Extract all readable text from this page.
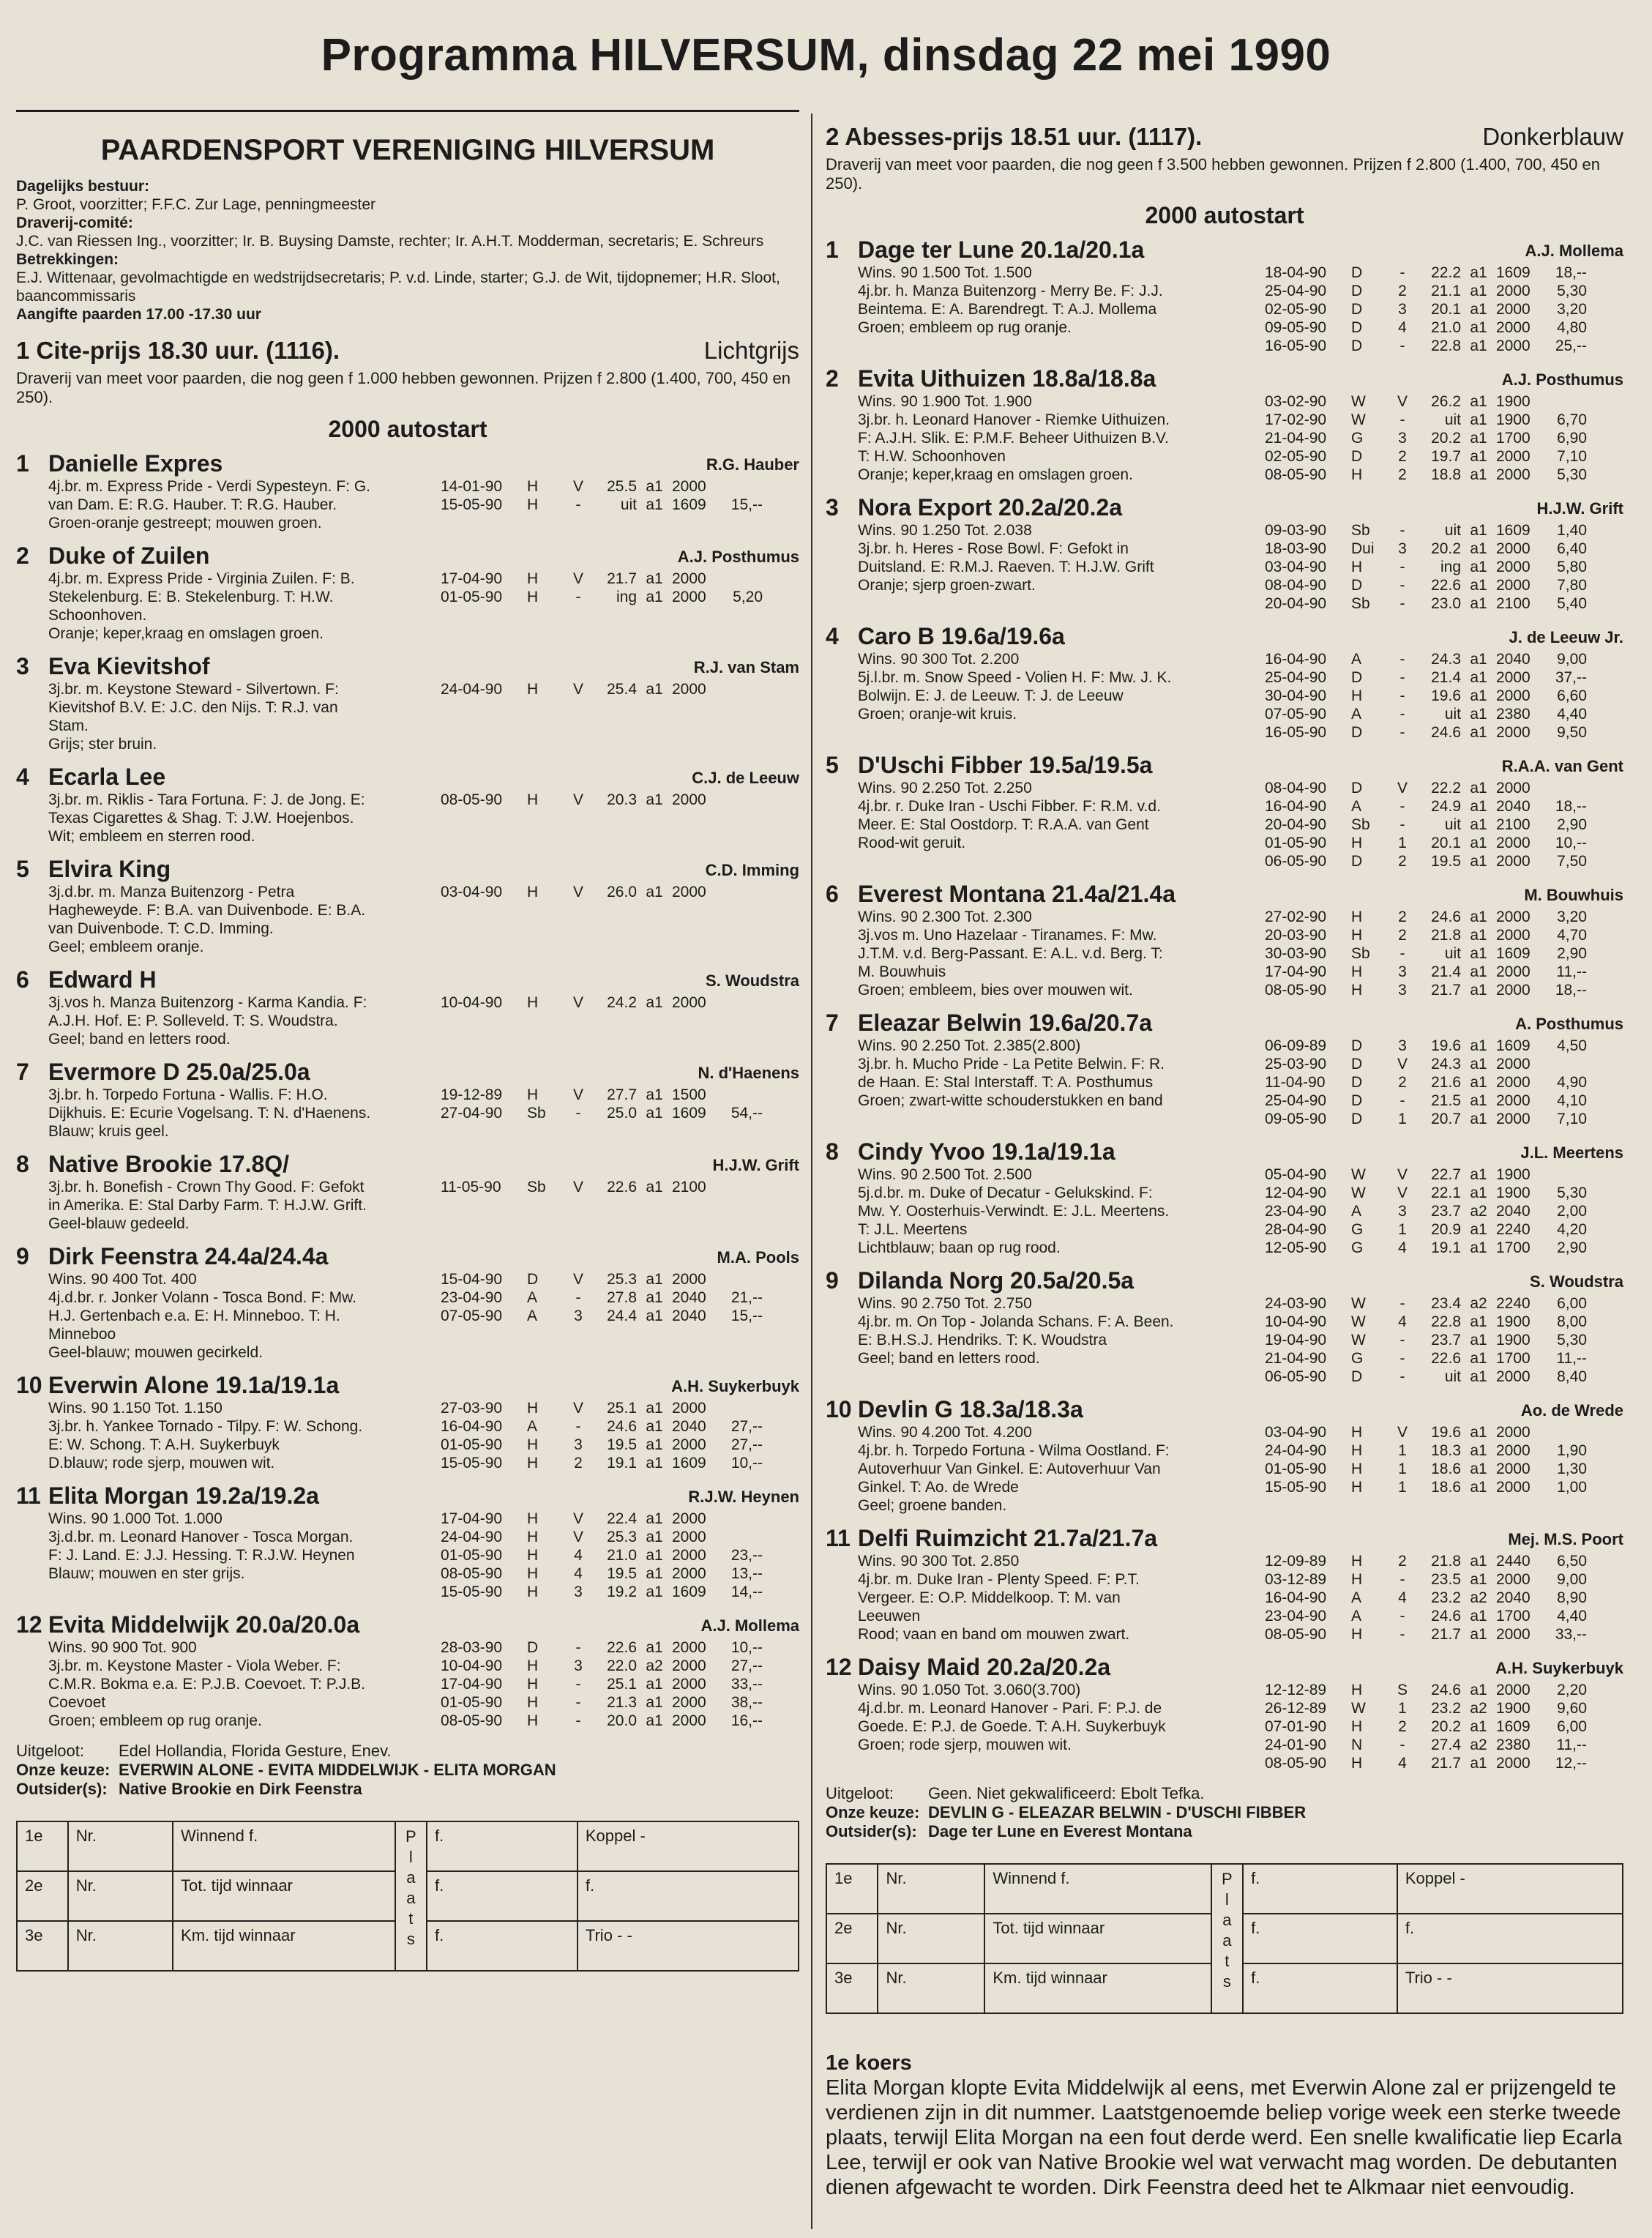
Programma HILVERSUM, dinsdag 22 mei 1990
PAARDENSPORT VERENIGING HILVERSUM
Dagelijks bestuur:
P. Groot, voorzitter; F.F.C. Zur Lage, penningmeester
Draverij-comité:
J.C. van Riessen Ing., voorzitter; Ir. B. Buysing Damste, rechter; Ir. A.H.T. Modderman, secretaris; E. Schreurs
Betrekkingen:
E.J. Wittenaar, gevolmachtigde en wedstrijdsecretaris; P. v.d. Linde, starter; G.J. de Wit, tijdopnemer; H.R. Sloot, baancommissaris
Aangifte paarden 17.00 -17.30 uur
1 Cite-prijs 18.30 uur. (1116).	Lichtgrijs
Draverij van meet voor paarden, die nog geen f 1.000 hebben gewonnen. Prijzen f 2.800 (1.400, 700, 450 en 250).
2000 autostart
1 Danielle Expres	R.G. Hauber
4j.br. m. Express Pride - Verdi Sypesteyn. F: G.
van Dam. E: R.G. Hauber. T: R.G. Hauber.
Groen-oranje gestreept; mouwen groen.
14-01-90	H	V	25.5 a1 2000
15-05-90	H	-	uit a1 1609	15,--
2 Duke of Zuilen	A.J. Posthumus
4j.br. m. Express Pride - Virginia Zuilen. F: B.
Stekelenburg. E: B. Stekelenburg. T: H.W.
Schoonhoven.
Oranje; keper,kraag en omslagen groen.
17-04-90	H	V	21.7 a1 2000
01-05-90	H	-	ing a1 2000	5,20
3 Eva Kievitshof	R.J. van Stam
3j.br. m. Keystone Steward - Silvertown. F:
Kievitshof B.V. E: J.C. den Nijs. T: R.J. van
Stam.
Grijs; ster bruin.
24-04-90	H	V	25.4 a1 2000
4 Ecarla Lee	C.J. de Leeuw
3j.br. m. Riklis - Tara Fortuna. F: J. de Jong. E:
Texas Cigarettes & Shag. T: J.W. Hoejenbos.
Wit; embleem en sterren rood.
08-05-90	H	V	20.3 a1 2000
5 Elvira King	C.D. Imming
3j.d.br. m. Manza Buitenzorg - Petra
Hagheweyde. F: B.A. van Duivenbode. E: B.A.
van Duivenbode. T: C.D. Imming.
Geel; embleem oranje.
03-04-90	H	V	26.0 a1 2000
6 Edward H	S. Woudstra
3j.vos h. Manza Buitenzorg - Karma Kandia. F:
A.J.H. Hof. E: P. Solleveld. T: S. Woudstra.
Geel; band en letters rood.
10-04-90	H	V	24.2 a1 2000
7 Evermore D 25.0a/25.0a	N. d'Haenens
3j.br. h. Torpedo Fortuna - Wallis. F: H.O.
Dijkhuis. E: Ecurie Vogelsang. T: N. d'Haenens.
Blauw; kruis geel.
19-12-89	H	V	27.7 a1 1500
27-04-90	Sb	-	25.0 a1 1609	54,--
8 Native Brookie 17.8Q/	H.J.W. Grift
3j.br. h. Bonefish - Crown Thy Good. F: Gefokt
in Amerika. E: Stal Darby Farm. T: H.J.W. Grift.
Geel-blauw gedeeld.
11-05-90	Sb	V	22.6 a1 2100
9 Dirk Feenstra 24.4a/24.4a	M.A. Pools
Wins. 90 400 Tot. 400
4j.d.br. r. Jonker Volann - Tosca Bond. F: Mw.
H.J. Gertenbach e.a. E: H. Minneboo. T: H.
Minneboo
Geel-blauw; mouwen gecirkeld.
15-04-90	D	V	25.3 a1 2000
23-04-90	A	-	27.8 a1 2040	21,--
07-05-90	A	3	24.4 a1 2040	15,--
10 Everwin Alone 19.1a/19.1a	A.H. Suykerbuyk
Wins. 90 1.150 Tot. 1.150
3j.br. h. Yankee Tornado - Tilpy. F: W. Schong.
E: W. Schong. T: A.H. Suykerbuyk
D.blauw; rode sjerp, mouwen wit.
27-03-90	H	V	25.1 a1 2000
16-04-90	A	-	24.6 a1 2040	27,--
01-05-90	H	3	19.5 a1 2000	27,--
15-05-90	H	2	19.1 a1 1609	10,--
11 Elita Morgan 19.2a/19.2a	R.J.W. Heynen
Wins. 90 1.000 Tot. 1.000
3j.d.br. m. Leonard Hanover - Tosca Morgan.
F: J. Land. E: J.J. Hessing. T: R.J.W. Heynen
Blauw; mouwen en ster grijs.
17-04-90	H	V	22.4 a1 2000
24-04-90	H	V	25.3 a1 2000
01-05-90	H	4	21.0 a1 2000	23,--
08-05-90	H	4	19.5 a1 2000	13,--
15-05-90	H	3	19.2 a1 1609	14,--
12 Evita Middelwijk 20.0a/20.0a	A.J. Mollema
Wins. 90 900 Tot. 900
3j.br. m. Keystone Master - Viola Weber. F:
C.M.R. Bokma e.a. E: P.J.B. Coevoet. T: P.J.B.
Coevoet
Groen; embleem op rug oranje.
28-03-90	D	-	22.6 a1 2000	10,--
10-04-90	H	3	22.0 a2 2000	27,--
17-04-90	H	-	25.1 a1 2000	33,--
01-05-90	H	-	21.3 a1 2000	38,--
08-05-90	H	-	20.0 a1 2000	16,--
Uitgeloot: Edel Hollandia, Florida Gesture, Enev.
Onze keuze: EVERWIN ALONE - EVITA MIDDELWIJK - ELITA MORGAN
Outsider(s): Native Brookie en Dirk Feenstra
1e	Nr.	Winnend f.	P l a a t s	f.	Koppel -
2e	Nr.	Tot. tijd winnaar		f.	f.
3e	Nr.	Km. tijd winnaar		f.	Trio - -
2 Abesses-prijs 18.51 uur. (1117).	Donkerblauw
Draverij van meet voor paarden, die nog geen f 3.500 hebben gewonnen. Prijzen f 2.800 (1.400, 700, 450 en 250).
2000 autostart
1 Dage ter Lune 20.1a/20.1a	A.J. Mollema
Wins. 90 1.500 Tot. 1.500
4j.br. h. Manza Buitenzorg - Merry Be. F: J.J.
Beintema. E: A. Barendregt. T: A.J. Mollema
Groen; embleem op rug oranje.
18-04-90	D	-	22.2 a1 1609	18,--
25-04-90	D	2	21.1 a1 2000	5,30
02-05-90	D	3	20.1 a1 2000	3,20
09-05-90	D	4	21.0 a1 2000	4,80
16-05-90	D	-	22.8 a1 2000	25,--
2 Evita Uithuizen 18.8a/18.8a	A.J. Posthumus
Wins. 90 1.900 Tot. 1.900
3j.br. h. Leonard Hanover - Riemke Uithuizen.
F: A.J.H. Slik. E: P.M.F. Beheer Uithuizen B.V.
T: H.W. Schoonhoven
Oranje; keper,kraag en omslagen groen.
03-02-90	W	V	26.2 a1 1900
17-02-90	W	-	uit a1 1900	6,70
21-04-90	G	3	20.2 a1 1700	6,90
02-05-90	D	2	19.7 a1 2000	7,10
08-05-90	H	2	18.8 a1 2000	5,30
3 Nora Export 20.2a/20.2a	H.J.W. Grift
Wins. 90 1.250 Tot. 2.038
3j.br. h. Heres - Rose Bowl. F: Gefokt in
Duitsland. E: R.M.J. Raeven. T: H.J.W. Grift
Oranje; sjerp groen-zwart.
09-03-90	Sb	-	uit a1 1609	1,40
18-03-90	Dui	3	20.2 a1 2000	6,40
03-04-90	H	-	ing a1 2000	5,80
08-04-90	D	-	22.6 a1 2000	7,80
20-04-90	Sb	-	23.0 a1 2100	5,40
4 Caro B 19.6a/19.6a	J. de Leeuw Jr.
Wins. 90 300 Tot. 2.200
5j.l.br. m. Snow Speed - Volien H. F: Mw. J. K.
Bolwijn. E: J. de Leeuw. T: J. de Leeuw
Groen; oranje-wit kruis.
16-04-90	A	-	24.3 a1 2040	9,00
25-04-90	D	-	21.4 a1 2000	37,--
30-04-90	H	-	19.6 a1 2000	6,60
07-05-90	A	-	uit a1 2380	4,40
16-05-90	D	-	24.6 a1 2000	9,50
5 D'Uschi Fibber 19.5a/19.5a	R.A.A. van Gent
Wins. 90 2.250 Tot. 2.250
4j.br. r. Duke Iran - Uschi Fibber. F: R.M. v.d.
Meer. E: Stal Oostdorp. T: R.A.A. van Gent
Rood-wit geruit.
08-04-90	D	V	22.2 a1 2000
16-04-90	A	-	24.9 a1 2040	18,--
20-04-90	Sb	-	uit a1 2100	2,90
01-05-90	H	1	20.1 a1 2000	10,--
06-05-90	D	2	19.5 a1 2000	7,50
6 Everest Montana 21.4a/21.4a	M. Bouwhuis
Wins. 90 2.300 Tot. 2.300
3j.vos m. Uno Hazelaar - Tiranames. F: Mw.
J.T.M. v.d. Berg-Passant. E: A.L. v.d. Berg. T:
M. Bouwhuis
Groen; embleem, bies over mouwen wit.
27-02-90	H	2	24.6 a1 2000	3,20
20-03-90	H	2	21.8 a1 2000	4,70
30-03-90	Sb	-	uit a1 1609	2,90
17-04-90	H	3	21.4 a1 2000	11,--
08-05-90	H	3	21.7 a1 2000	18,--
7 Eleazar Belwin 19.6a/20.7a	A. Posthumus
Wins. 90 2.250 Tot. 2.385(2.800)
3j.br. h. Mucho Pride - La Petite Belwin. F: R.
de Haan. E: Stal Interstaff. T: A. Posthumus
Groen; zwart-witte schouderstukken en band
06-09-89	D	3	19.6 a1 1609	4,50
25-03-90	D	V	24.3 a1 2000
11-04-90	D	2	21.6 a1 2000	4,90
25-04-90	D	-	21.5 a1 2000	4,10
09-05-90	D	1	20.7 a1 2000	7,10
8 Cindy Yvoo 19.1a/19.1a	J.L. Meertens
Wins. 90 2.500 Tot. 2.500
5j.d.br. m. Duke of Decatur - Gelukskind. F:
Mw. Y. Oosterhuis-Verwindt. E: J.L. Meertens.
T: J.L. Meertens
Lichtblauw; baan op rug rood.
05-04-90	W	V	22.7 a1 1900
12-04-90	W	V	22.1 a1 1900	5,30
23-04-90	A	3	23.7 a2 2040	2,00
28-04-90	G	1	20.9 a1 2240	4,20
12-05-90	G	4	19.1 a1 1700	2,90
9 Dilanda Norg 20.5a/20.5a	S. Woudstra
Wins. 90 2.750 Tot. 2.750
4j.br. m. On Top - Jolanda Schans. F: A. Been.
E: B.H.S.J. Hendriks. T: K. Woudstra
Geel; band en letters rood.
24-03-90	W	-	23.4 a2 2240	6,00
10-04-90	W	4	22.8 a1 1900	8,00
19-04-90	W	-	23.7 a1 1900	5,30
21-04-90	G	-	22.6 a1 1700	11,--
06-05-90	D	-	uit a1 2000	8,40
10 Devlin G 18.3a/18.3a	Ao. de Wrede
Wins. 90 4.200 Tot. 4.200
4j.br. h. Torpedo Fortuna - Wilma Oostland. F:
Autoverhuur Van Ginkel. E: Autoverhuur Van
Ginkel. T: Ao. de Wrede
Geel; groene banden.
03-04-90	H	V	19.6 a1 2000
24-04-90	H	1	18.3 a1 2000	1,90
01-05-90	H	1	18.6 a1 2000	1,30
15-05-90	H	1	18.6 a1 2000	1,00
11 Delfi Ruimzicht 21.7a/21.7a	Mej. M.S. Poort
Wins. 90 300 Tot. 2.850
4j.br. m. Duke Iran - Plenty Speed. F: P.T.
Vergeer. E: O.P. Middelkoop. T: M. van
Leeuwen
Rood; vaan en band om mouwen zwart.
12-09-89	H	2	21.8 a1 2440	6,50
03-12-89	H	-	23.5 a1 2000	9,00
16-04-90	A	4	23.2 a2 2040	8,90
23-04-90	A	-	24.6 a1 1700	4,40
08-05-90	H	-	21.7 a1 2000	33,--
12 Daisy Maid 20.2a/20.2a	A.H. Suykerbuyk
Wins. 90 1.050 Tot. 3.060(3.700)
4j.d.br. m. Leonard Hanover - Pari. F: P.J. de
Goede. E: P.J. de Goede. T: A.H. Suykerbuyk
Groen; rode sjerp, mouwen wit.
12-12-89	H	S	24.6 a1 2000	2,20
26-12-89	W	1	23.2 a2 1900	9,60
07-01-90	H	2	20.2 a1 1609	6,00
24-01-90	N	-	27.4 a2 2380	11,--
08-05-90	H	4	21.7 a1 2000	12,--
Uitgeloot: Geen. Niet gekwalificeerd: Ebolt Tefka.
Onze keuze: DEVLIN G - ELEAZAR BELWIN - D'USCHI FIBBER
Outsider(s): Dage ter Lune en Everest Montana
1e	Nr.	Winnend f.	P l a a t s	f.	Koppel -
2e	Nr.	Tot. tijd winnaar		f.	f.
3e	Nr.	Km. tijd winnaar		f.	Trio - -
1e koers
Elita Morgan klopte Evita Middelwijk al eens, met Everwin Alone zal er prijzengeld te verdienen zijn in dit nummer. Laatstgenoemde beliep vorige week een sterke tweede plaats, terwijl Elita Morgan na een fout derde werd. Een snelle kwalificatie liep Ecarla Lee, terwijl er ook van Native Brookie wel wat verwacht mag worden. De debutanten dienen afgewacht te worden. Dirk Feenstra deed het te Alkmaar niet eenvoudig.
